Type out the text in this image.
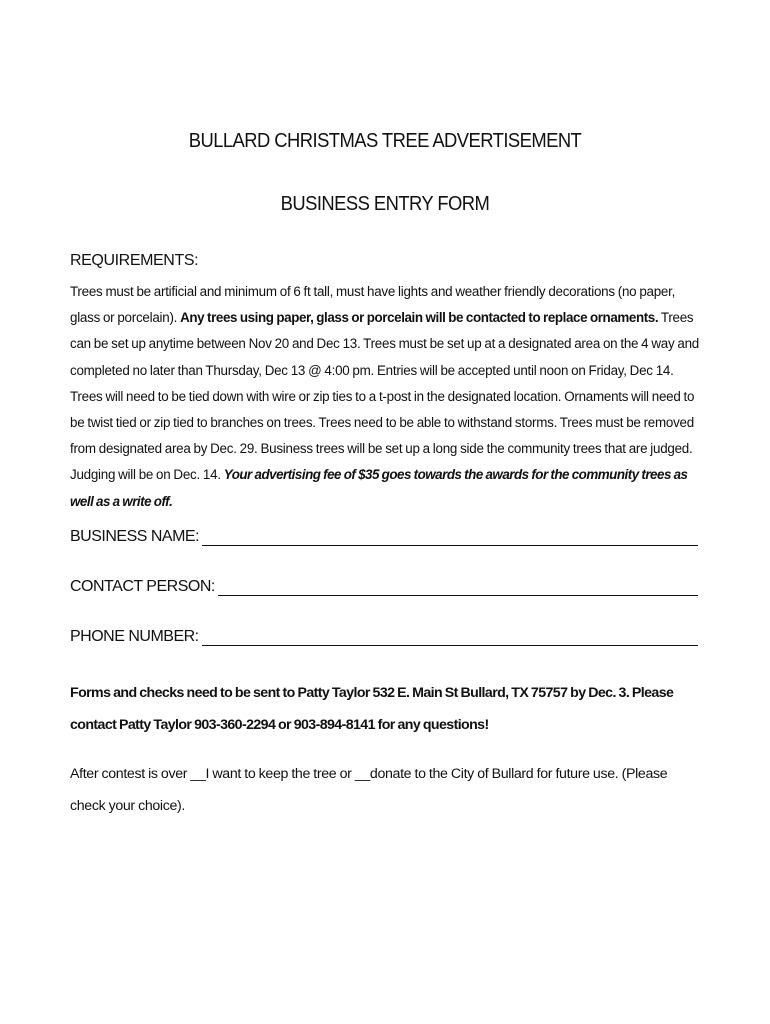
BULLARD CHRISTMAS TREE ADVERTISEMENT
BUSINESS ENTRY FORM
REQUIREMENTS:
Trees must be artificial and minimum of 6 ft tall, must have lights and weather friendly decorations (no paper, glass or porcelain). Any trees using paper, glass or porcelain will be contacted to replace ornaments. Trees can be set up anytime between Nov 20 and Dec 13. Trees must be set up at a designated area on the 4 way and completed no later than Thursday, Dec 13 @ 4:00 pm. Entries will be accepted until noon on Friday, Dec 14. Trees will need to be tied down with wire or zip ties to a t-post in the designated location. Ornaments will need to be twist tied or zip tied to branches on trees. Trees need to be able to withstand storms. Trees must be removed from designated area by Dec. 29. Business trees will be set up a long side the community trees that are judged. Judging will be on Dec. 14. Your advertising fee of $35 goes towards the awards for the community trees as well as a write off.
BUSINESS NAME:
CONTACT PERSON:
PHONE NUMBER:
Forms and checks need to be sent to Patty Taylor 532 E. Main St Bullard, TX 75757 by Dec. 3. Please contact Patty Taylor 903-360-2294 or 903-894-8141 for any questions!
After contest is over __I want to keep the tree or __donate to the City of Bullard for future use. (Please check your choice).
